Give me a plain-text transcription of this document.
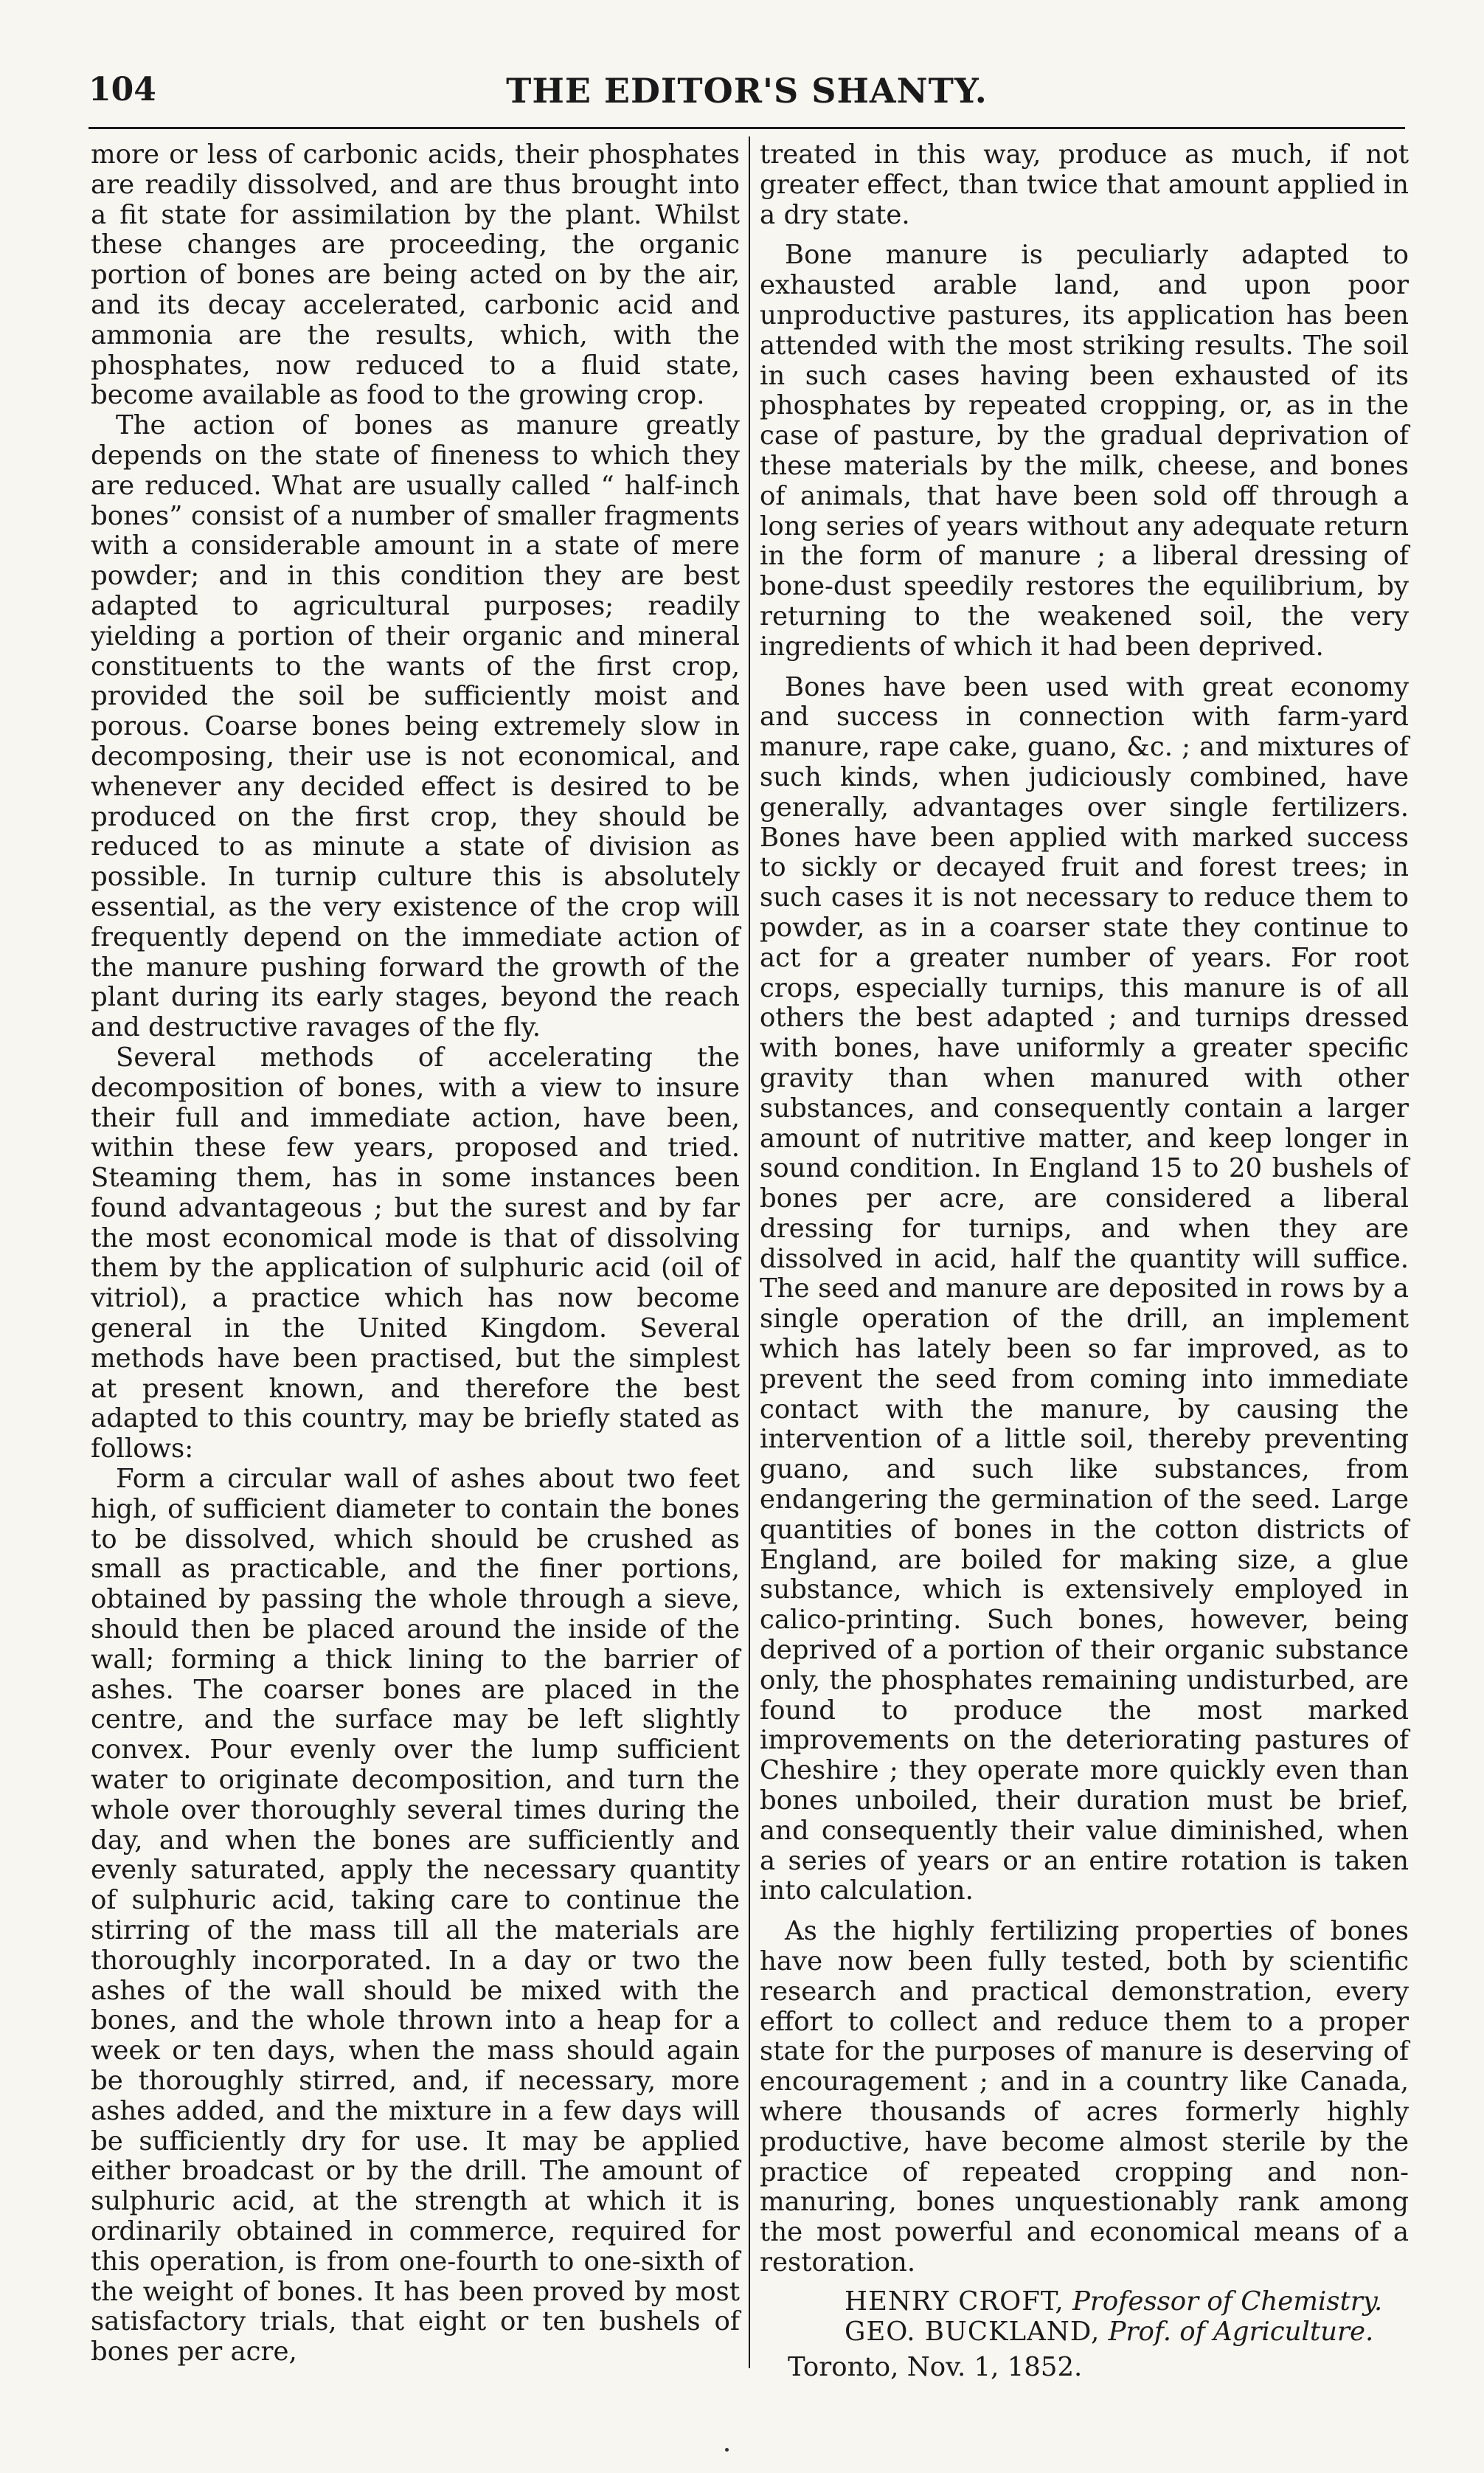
104	THE EDITOR'S SHANTY.

more or less of carbonic acids, their phosphates are readily dissolved, and are thus brought into a fit state for assimilation by the plant. Whilst these changes are proceeding, the organic portion of bones are being acted on by the air, and its decay accelerated, carbonic acid and ammonia are the results, which, with the phosphates, now reduced to a fluid state, become available as food to the growing crop.

The action of bones as manure greatly depends on the state of fineness to which they are reduced. What are usually called “ half-inch bones” consist of a number of smaller fragments with a considerable amount in a state of mere powder; and in this condition they are best adapted to agricultural purposes; readily yielding a portion of their organic and mineral constituents to the wants of the first crop, provided the soil be sufficiently moist and porous. Coarse bones being extremely slow in decomposing, their use is not economical, and whenever any decided effect is desired to be produced on the first crop, they should be reduced to as minute a state of division as possible. In turnip culture this is absolutely essential, as the very existence of the crop will frequently depend on the immediate action of the manure pushing forward the growth of the plant during its early stages, beyond the reach and destructive ravages of the fly.

Several methods of accelerating the decomposition of bones, with a view to insure their full and immediate action, have been, within these few years, proposed and tried. Steaming them, has in some instances been found advantageous ; but the surest and by far the most economical mode is that of dissolving them by the application of sulphuric acid (oil of vitriol), a practice which has now become general in the United Kingdom. Several methods have been practised, but the simplest at present known, and therefore the best adapted to this country, may be briefly stated as follows:

Form a circular wall of ashes about two feet high, of sufficient diameter to contain the bones to be dissolved, which should be crushed as small as practicable, and the finer portions, obtained by passing the whole through a sieve, should then be placed around the inside of the wall; forming a thick lining to the barrier of ashes. The coarser bones are placed in the centre, and the surface may be left slightly convex. Pour evenly over the lump sufficient water to originate decomposition, and turn the whole over thoroughly several times during the day, and when the bones are sufficiently and evenly saturated, apply the necessary quantity of sulphuric acid, taking care to continue the stirring of the mass till all the materials are thoroughly incorporated. In a day or two the ashes of the wall should be mixed with the bones, and the whole thrown into a heap for a week or ten days, when the mass should again be thoroughly stirred, and, if necessary, more ashes added, and the mixture in a few days will be sufficiently dry for use. It may be applied either broadcast or by the drill. The amount of sulphuric acid, at the strength at which it is ordinarily obtained in commerce, required for this operation, is from one-fourth to one-sixth of the weight of bones. It has been proved by most satisfactory trials, that eight or ten bushels of bones per acre,

treated in this way, produce as much, if not greater effect, than twice that amount applied in a dry state.

Bone manure is peculiarly adapted to exhausted arable land, and upon poor unproductive pastures, its application has been attended with the most striking results. The soil in such cases having been exhausted of its phosphates by repeated cropping, or, as in the case of pasture, by the gradual deprivation of these materials by the milk, cheese, and bones of animals, that have been sold off through a long series of years without any adequate return in the form of manure ; a liberal dressing of bone-dust speedily restores the equilibrium, by returning to the weakened soil, the very ingredients of which it had been deprived.

Bones have been used with great economy and success in connection with farm-yard manure, rape cake, guano, &c. ; and mixtures of such kinds, when judiciously combined, have generally, advantages over single fertilizers. Bones have been applied with marked success to sickly or decayed fruit and forest trees; in such cases it is not necessary to reduce them to powder, as in a coarser state they continue to act for a greater number of years. For root crops, especially turnips, this manure is of all others the best adapted ; and turnips dressed with bones, have uniformly a greater specific gravity than when manured with other substances, and consequently contain a larger amount of nutritive matter, and keep longer in sound condition. In England 15 to 20 bushels of bones per acre, are considered a liberal dressing for turnips, and when they are dissolved in acid, half the quantity will suffice. The seed and manure are deposited in rows by a single operation of the drill, an implement which has lately been so far improved, as to prevent the seed from coming into immediate contact with the manure, by causing the intervention of a little soil, thereby preventing guano, and such like substances, from endangering the germination of the seed. Large quantities of bones in the cotton districts of England, are boiled for making size, a glue substance, which is extensively employed in calico-printing. Such bones, however, being deprived of a portion of their organic substance only, the phosphates remaining undisturbed, are found to produce the most marked improvements on the deteriorating pastures of Cheshire ; they operate more quickly even than bones unboiled, their duration must be brief, and consequently their value diminished, when a series of years or an entire rotation is taken into calculation.

As the highly fertilizing properties of bones have now been fully tested, both by scientific research and practical demonstration, every effort to collect and reduce them to a proper state for the purposes of manure is deserving of encouragement ; and in a country like Canada, where thousands of acres formerly highly productive, have become almost sterile by the practice of repeated cropping and non-manuring, bones unquestionably rank among the most powerful and economical means of a restoration.

HENRY CROFT, Professor of Chemistry.
GEO. BUCKLAND, Prof. of Agriculture.
Toronto, Nov. 1, 1852.
